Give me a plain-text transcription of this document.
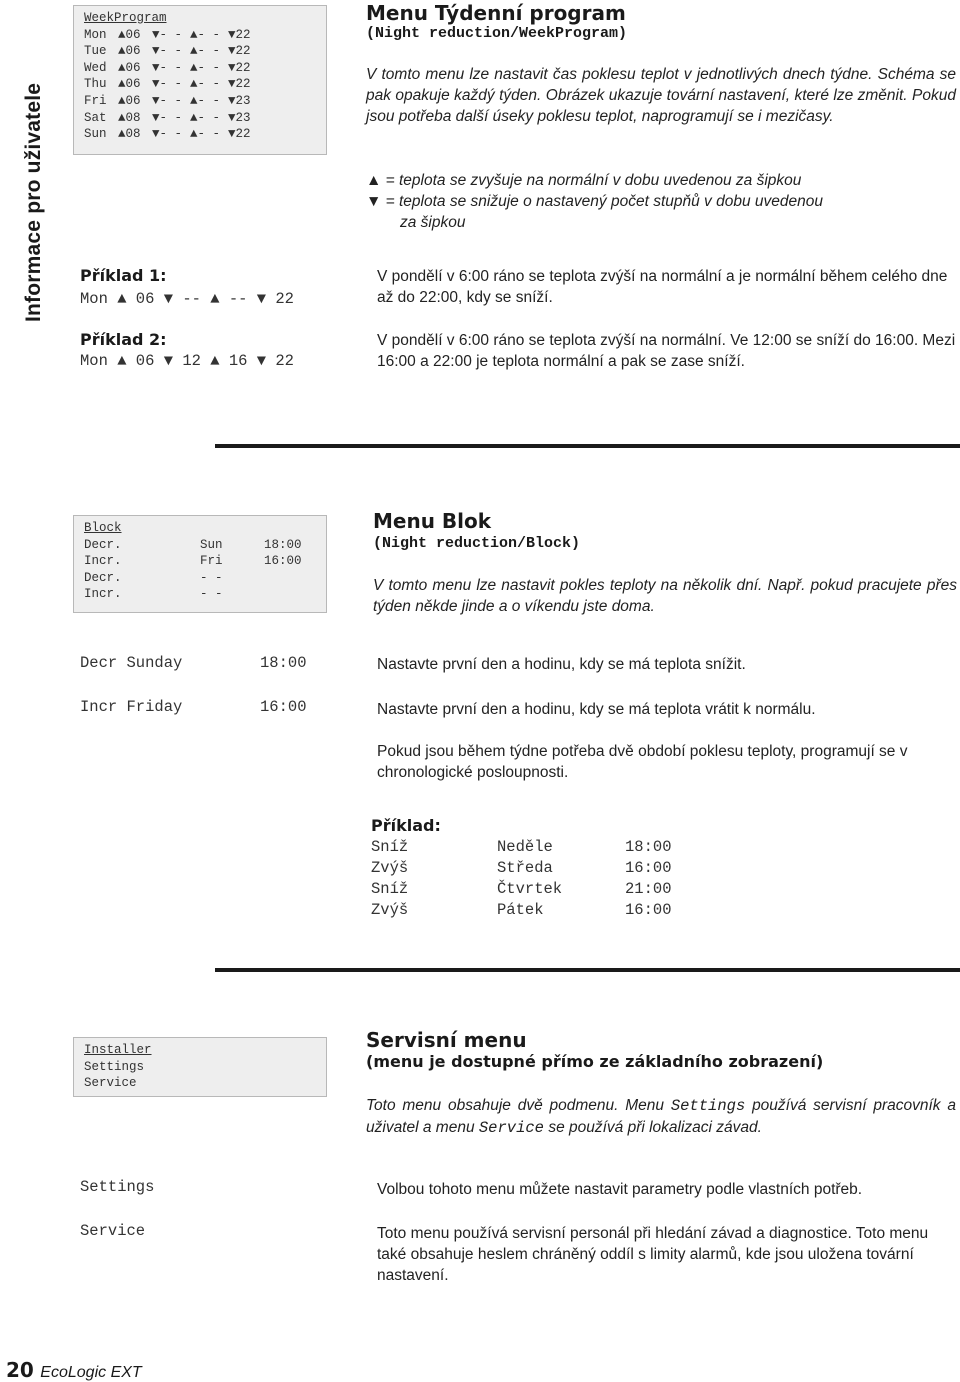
Informace pro uživatele
WeekProgram
Mon ▲06 ▼- - ▲- - ▼22
Tue ▲06 ▼- - ▲- - ▼22
Wed ▲06 ▼- - ▲- - ▼22
Thu ▲06 ▼- - ▲- - ▼22
Fri ▲06 ▼- - ▲- - ▼23
Sat ▲08 ▼- - ▲- - ▼23
Sun ▲08 ▼- - ▲- - ▼22
Menu Týdenní program
(Night reduction/WeekProgram)
V tomto menu lze nastavit čas poklesu teplot v jednotlivých dnech týdne. Schéma se pak opakuje každý týden. Obrázek ukazuje tovární nastavení, které lze změnit. Pokud jsou potřeba další úseky poklesu teplot, naprogramují se i mezičasy.
▲ = teplota se zvyšuje na normální v dobu uvedenou za šipkou
▼ = teplota se snižuje o nastavený počet stupňů v dobu uvedenou
za šipkou
Příklad 1:
Mon ▲ 06 ▼ -- ▲ -- ▼ 22
V pondělí v 6:00 ráno se teplota zvýší na normální a je normální během celého dne až do 22:00, kdy se sníží.
Příklad 2:
Mon ▲ 06 ▼ 12 ▲ 16 ▼ 22
V pondělí v 6:00 ráno se teplota zvýší na normální. Ve 12:00 se sníží do 16:00. Mezi 16:00 a 22:00 je teplota normální a pak se zase sníží.
Block
Decr.	Sun	18:00
Incr.	Fri	16:00
Decr.	- -
Incr.	- -
Menu Blok
(Night reduction/Block)
V tomto menu lze nastavit pokles teploty na několik dní. Např. pokud pracujete přes týden někde jinde a o víkendu jste doma.
Decr Sunday	18:00	Nastavte první den a hodinu, kdy se má teplota snížit.
Incr Friday	16:00	Nastavte první den a hodinu, kdy se má teplota vrátit k normálu.
Pokud jsou během týdne potřeba dvě období poklesu teploty, programují se v chronologické posloupnosti.
Příklad:
Sníž	Neděle	18:00
Zvýš	Středa	16:00
Sníž	Čtvrtek	21:00
Zvýš	Pátek	16:00
Installer
Settings
Service
Servisní menu
(menu je dostupné přímo ze základního zobrazení)
Toto menu obsahuje dvě podmenu. Menu Settings používá servisní pracovník a uživatel a menu Service se používá při lokalizaci závad.
Settings	Volbou tohoto menu můžete nastavit parametry podle vlastních potřeb.
Service	Toto menu používá servisní personál při hledání závad a diagnostice. Toto menu také obsahuje heslem chráněný oddíl s limity alarmů, kde jsou uložena tovární nastavení.
20 EcoLogic EXT
